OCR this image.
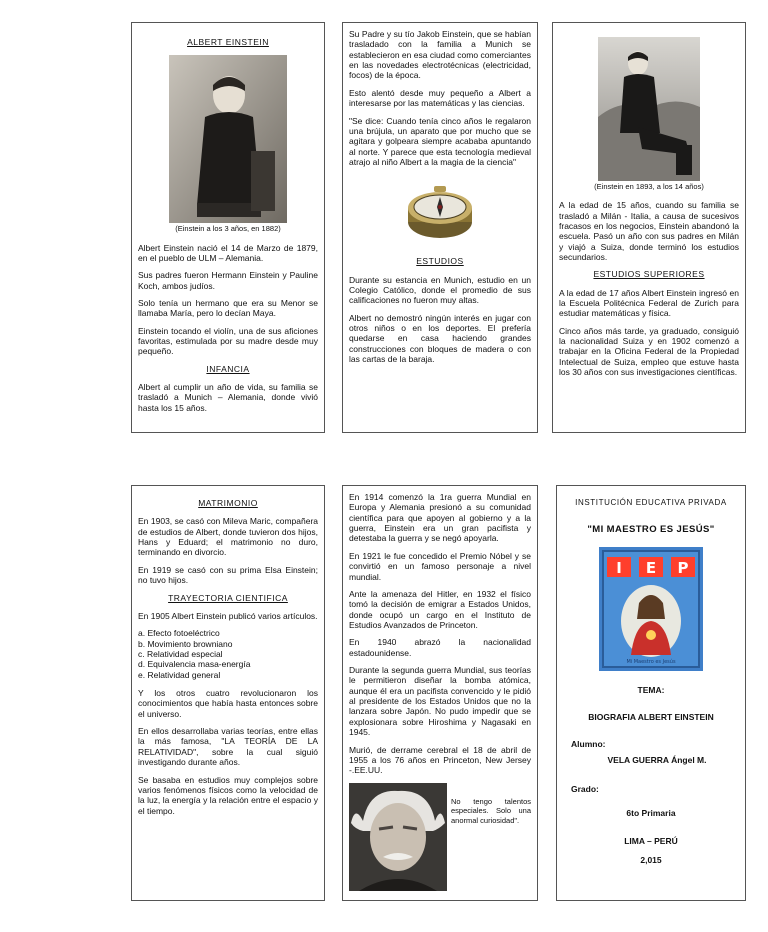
ALBERT EINSTEIN
(Einstein a los 3 años, en 1882)

Albert Einstein nació el 14 de Marzo de 1879, en el pueblo de ULM – Alemania.

Sus padres fueron Hermann Einstein y Pauline Koch, ambos judíos.

Solo tenía un hermano que era su Menor se llamaba María, pero lo decían Maya.

Einstein tocando el violín, una de sus aficiones favoritas, estimulada por su madre desde muy pequeño.

INFANCIA

Albert al cumplir un año de vida, su familia se trasladó a Munich – Alemania, donde vivió hasta los 15 años.

Su Padre y su tío Jakob Einstein, que se habían trasladado con la familia a Munich se establecieron en esa ciudad como comerciantes en las novedades electrotécnicas (electricidad, focos) de la época.

Esto alentó desde muy pequeño a Albert a interesarse por las matemáticas y las ciencias.

"Se dice: Cuando tenía cinco años le regalaron una brújula, un aparato que por mucho que se agitara y golpeara siempre acababa apuntando al norte. Y parece que esta tecnología medieval atrajo al niño Albert a la magia de la ciencia"

ESTUDIOS

Durante su estancia en Munich, estudio en un Colegio Católico, donde el promedio de sus calificaciones no fueron muy altas.

Albert no demostró ningún interés en jugar con otros niños o en los deportes. El prefería quedarse en casa haciendo grandes construcciones con bloques de madera o con las cartas de la baraja.

(Einstein en 1893, a los 14 años)

A la edad de 15 años, cuando su familia se trasladó a Milán - Italia, a causa de sucesivos fracasos en los negocios, Einstein abandonó la escuela. Pasó un año con sus padres en Milán y viajó a Suiza, donde terminó los estudios secundarios.

ESTUDIOS SUPERIORES

A la edad de 17 años Albert Einstein ingresó en la Escuela Politécnica Federal de Zurich para estudiar matemáticas y física.

Cinco años más tarde, ya graduado, consiguió la nacionalidad Suiza y en 1902 comenzó a trabajar en la Oficina Federal de la Propiedad Intelectual de Suiza, empleo que estuve hasta los 30 años con sus investigaciones científicas.

MATRIMONIO

En 1903, se casó con Mileva Maric, compañera de estudios de Albert, donde tuvieron dos hijos, Hans y Eduard; el matrimonio no duro, terminando en divorcio.

En 1919 se casó con su prima Elsa Einstein; no tuvo hijos.

TRAYECTORIA CIENTIFICA

En 1905 Albert Einstein publicó varios artículos.

a. Efecto fotoeléctrico
b. Movimiento browniano
c. Relatividad especial
d. Equivalencia masa-energía
e. Relatividad general

Y los otros cuatro revolucionaron los conocimientos que había hasta entonces sobre el universo.

En ellos desarrollaba varias teorías, entre ellas la más famosa, "LA TEORÍA DE LA RELATIVIDAD", sobre la cual siguió investigando durante años.

Se basaba en estudios muy complejos sobre varios fenómenos físicos como la velocidad de la luz, la energía y la relación entre el espacio y el tiempo.

En 1914 comenzó la 1ra guerra Mundial en Europa y Alemania presionó a su comunidad científica para que apoyen al gobierno y a la guerra, Einstein era un gran pacifista y detestaba la guerra y se negó apoyarla.

En 1921 le fue concedido el Premio Nóbel y se convirtió en un famoso personaje a nivel mundial.

Ante la amenaza del Hitler, en 1932 el físico tomó la decisión de emigrar a Estados Unidos, donde ocupó un cargo en el Instituto de Estudios Avanzados de Princeton.

En 1940 abrazó la nacionalidad estadounidense.

Durante la segunda guerra Mundial, sus teorías le permitieron diseñar la bomba atómica, aunque él era un pacifista convencido y le pidió al presidente de los Estados Unidos que no la lanzara sobre Japón. No pudo impedir que se explosionara sobre Hiroshima y Nagasaki en 1945.

Murió, de derrame cerebral el 18 de abril de 1955 a los 76 años en Princeton, New Jersey -.EE.UU.

No tengo talentos especiales. Solo una anormal curiosidad".
INSTITUCIÓN EDUCATIVA PRIVADA
"MI MAESTRO ES JESÚS"
I E P
Mi Maestro es Jesús
TEMA:
BIOGRAFIA ALBERT EINSTEIN
Alumno:
VELA GUERRA Ángel M.
Grado:
6to Primaria
LIMA – PERÚ
2,015
